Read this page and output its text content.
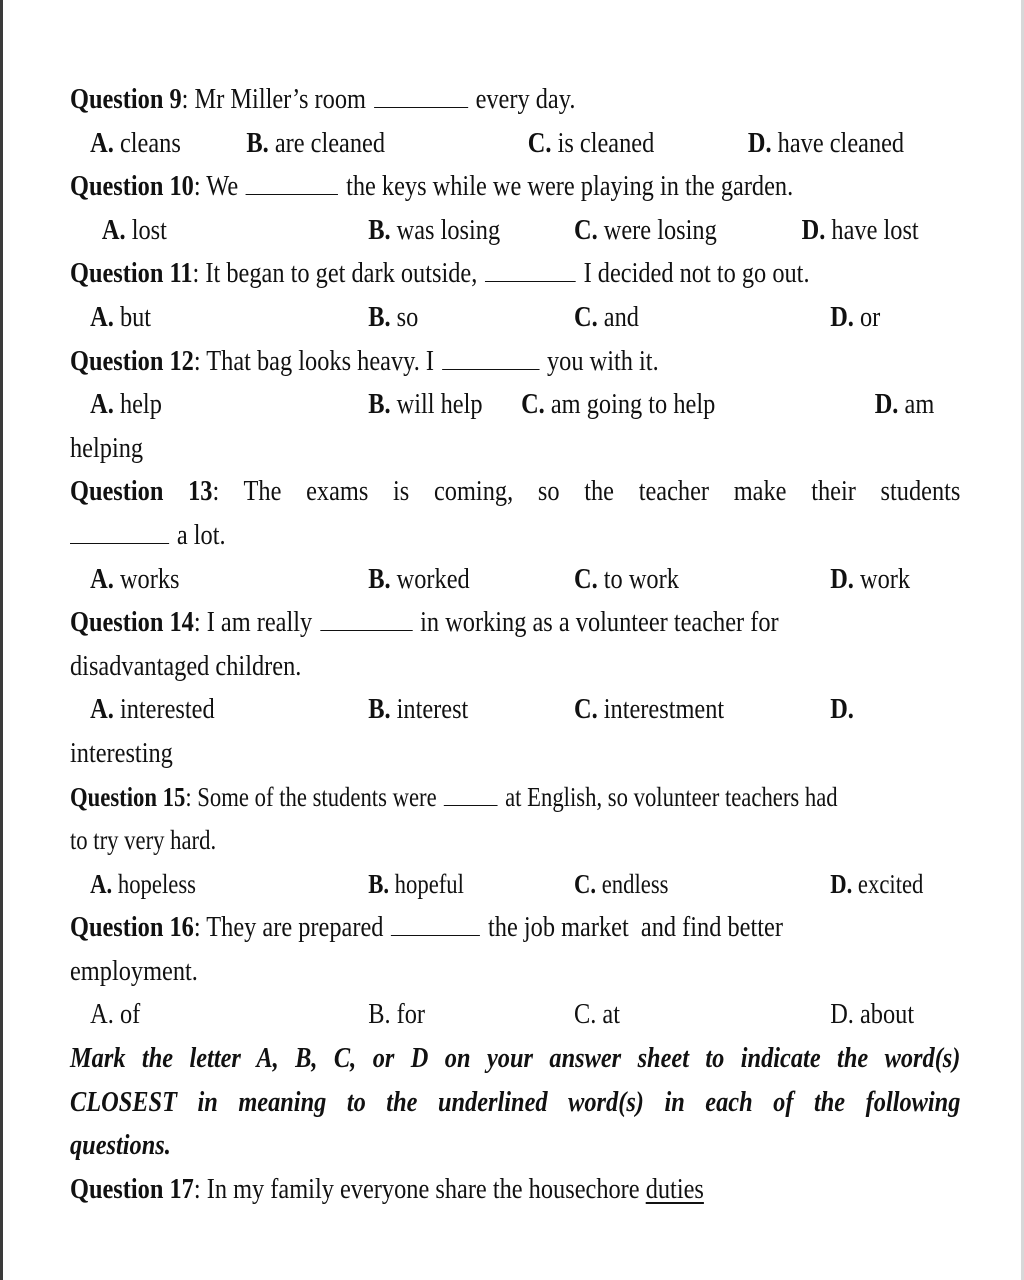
Question 9: Mr Miller’s room	every day.
A. cleans B. are cleaned	C. is cleaned	D. have cleaned
Question 10: We	the keys while we were playing in the garden.
A. lost	B. was losing	C. were losing	D. have lost
Question 11: It began to get dark outside,	I decided not to go out.
A. but	B. so	C. and	D. or
Question 12: That bag looks heavy. I	you with it.
A. help	B. will help C. am going to help	D. am
helping
Question 13: The exams is coming, so the teacher make their students
a lot.
A. works	B. worked	C. to work	D. work
Question 14: I am really	in working as a volunteer teacher for
disadvantaged children.
A. interested	B. interest	C. interestment	D.
interesting
Question 15: Some of the students were	at English, so volunteer teachers had
to try very hard.
A. hopeless	B. hopeful	C. endless	D. excited
Question 16: They are prepared	the job market  and find better
employment.
A. of	B. for	C. at	D. about
Mark the letter A, B, C, or D on your answer sheet to indicate the word(s)
CLOSEST in meaning to the underlined word(s) in each of the following
questions.
Question 17: In my family everyone share the housechore duties
